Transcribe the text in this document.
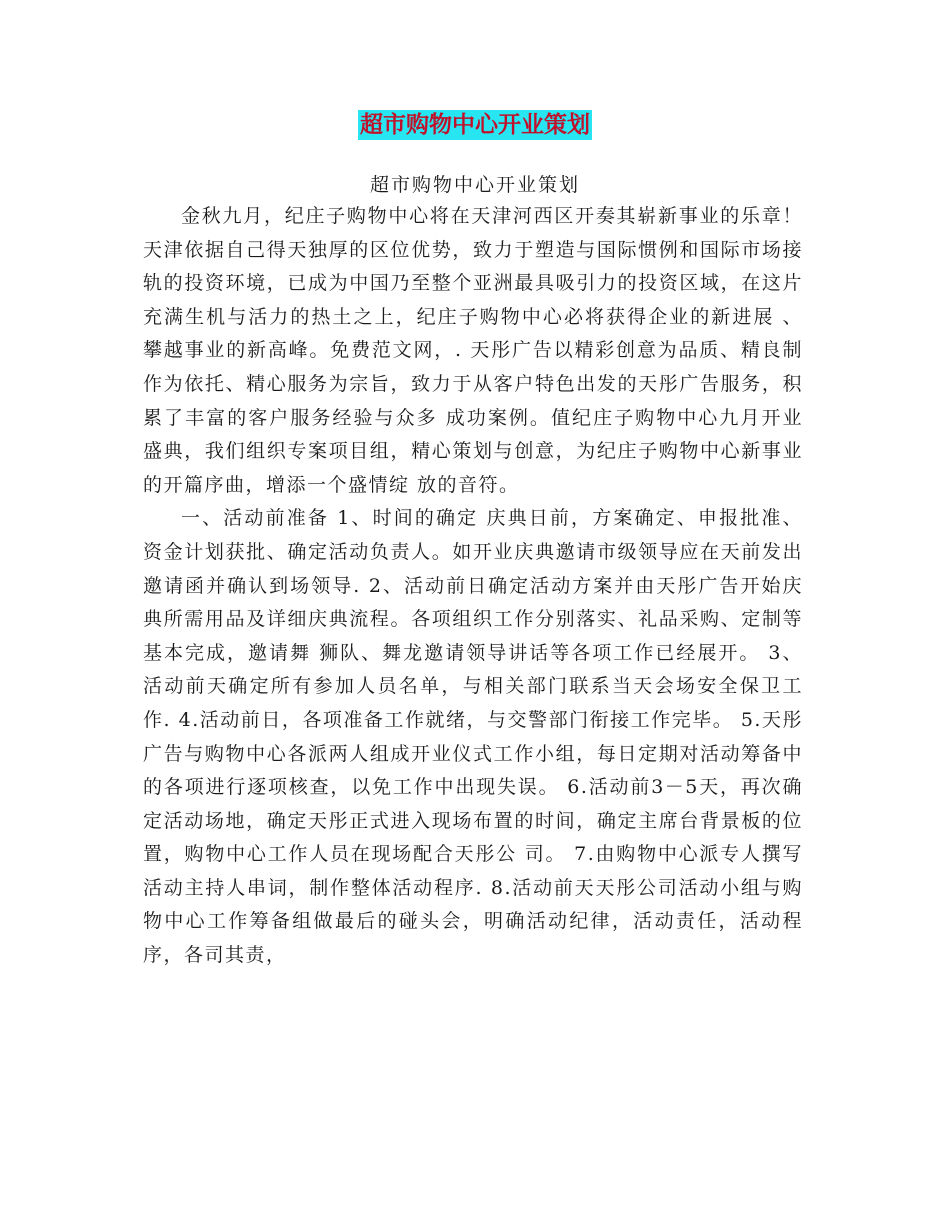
超市购物中心开业策划
超市购物中心开业策划

金秋九月，纪庄子购物中心将在天津河西区开奏其崭新事业的乐章！天津依据自己得天独厚的区位优势，致力于塑造与国际惯例和国际市场接轨的投资环境，已成为中国乃至整个亚洲最具吸引力的投资区域，在这片充满生机与活力的热土之上，纪庄子购物中心必将获得企业的新进展 、攀越事业的新高峰。免费范文网，. 天彤广告以精彩创意为品质、精良制作为依托、精心服务为宗旨，致力于从客户特色出发的天彤广告服务，积累了丰富的客户服务经验与众多 成功案例。值纪庄子购物中心九月开业盛典，我们组织专案项目组，精心策划与创意，为纪庄子购物中心新事业的开篇序曲，增添一个盛情绽 放的音符。

一、活动前准备 1、时间的确定 庆典日前，方案确定、申报批准、资金计划获批、确定活动负责人。如开业庆典邀请市级领导应在天前发出邀请函并确认到场领导. 2、活动前日确定活动方案并由天彤广告开始庆典所需用品及详细庆典流程。各项组织工作分别落实、礼品采购、定制等基本完成，邀请舞 狮队、舞龙邀请领导讲话等各项工作已经展开。 3、活动前天确定所有参加人员名单，与相关部门联系当天会场安全保卫工作. 4.活动前日，各项准备工作就绪，与交警部门衔接工作完毕。 5.天彤广告与购物中心各派两人组成开业仪式工作小组，每日定期对活动筹备中的各项进行逐项核查，以免工作中出现失误。 6.活动前3－5天，再次确定活动场地，确定天彤正式进入现场布置的时间，确定主席台背景板的位置，购物中心工作人员在现场配合天彤公 司。 7.由购物中心派专人撰写活动主持人串词，制作整体活动程序. 8.活动前天天彤公司活动小组与购物中心工作筹备组做最后的碰头会，明确活动纪律，活动责任，活动程序，各司其责，
